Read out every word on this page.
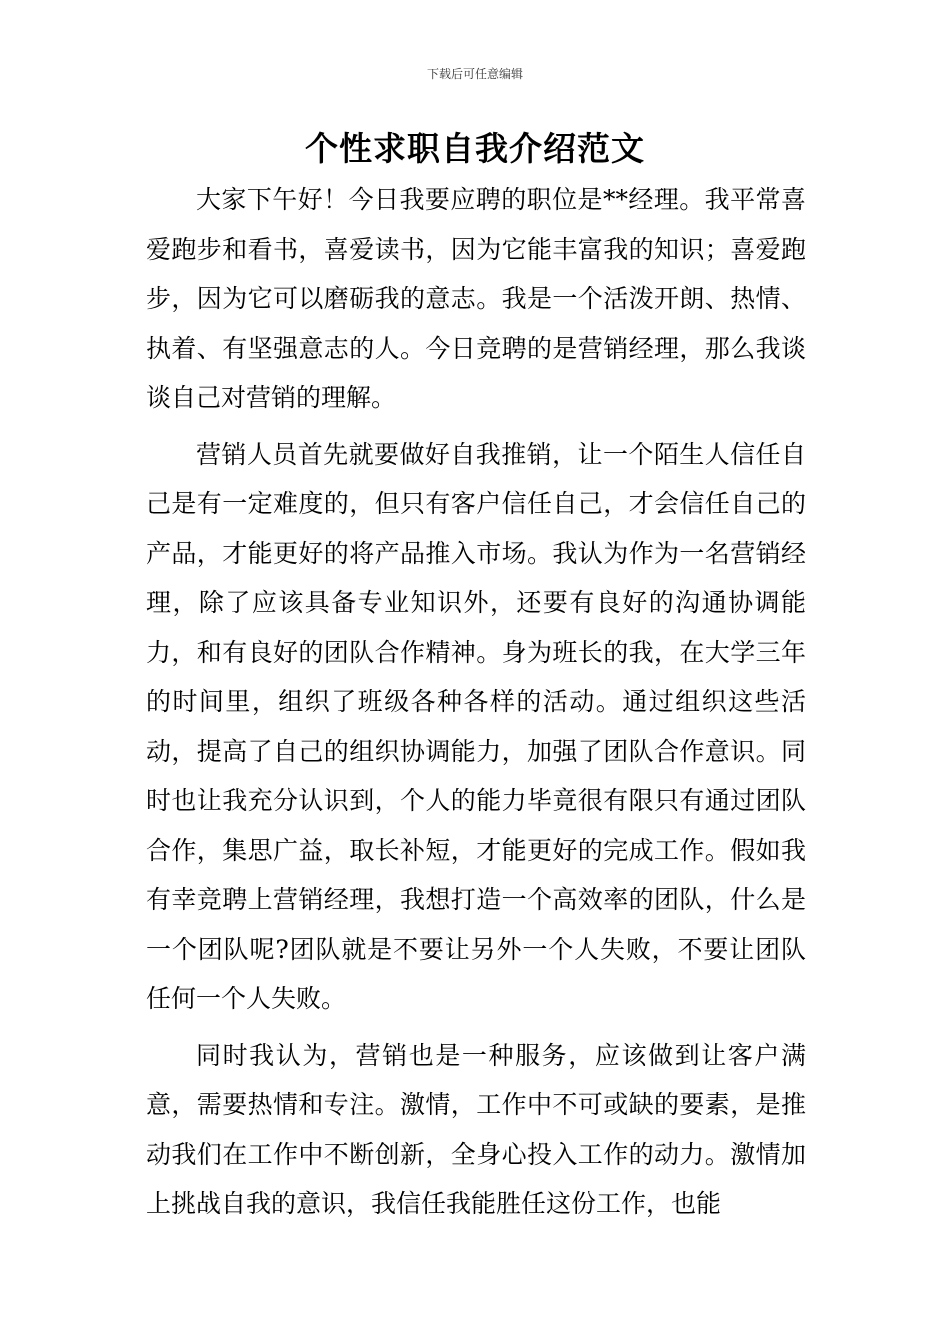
下载后可任意编辑
个性求职自我介绍范文

大家下午好！今日我要应聘的职位是**经理。我平常喜爱跑步和看书，喜爱读书，因为它能丰富我的知识；喜爱跑步，因为它可以磨砺我的意志。我是一个活泼开朗、热情、执着、有坚强意志的人。今日竞聘的是营销经理，那么我谈谈自己对营销的理解。

营销人员首先就要做好自我推销，让一个陌生人信任自己是有一定难度的，但只有客户信任自己，才会信任自己的产品，才能更好的将产品推入市场。我认为作为一名营销经理，除了应该具备专业知识外，还要有良好的沟通协调能力，和有良好的团队合作精神。身为班长的我，在大学三年的时间里，组织了班级各种各样的活动。通过组织这些活动，提高了自己的组织协调能力，加强了团队合作意识。同时也让我充分认识到，个人的能力毕竟很有限只有通过团队合作，集思广益，取长补短，才能更好的完成工作。假如我有幸竞聘上营销经理，我想打造一个高效率的团队，什么是一个团队呢?团队就是不要让另外一个人失败，不要让团队任何一个人失败。

同时我认为，营销也是一种服务，应该做到让客户满意，需要热情和专注。激情，工作中不可或缺的要素，是推动我们在工作中不断创新，全身心投入工作的动力。激情加上挑战自我的意识，我信任我能胜任这份工作，也能
